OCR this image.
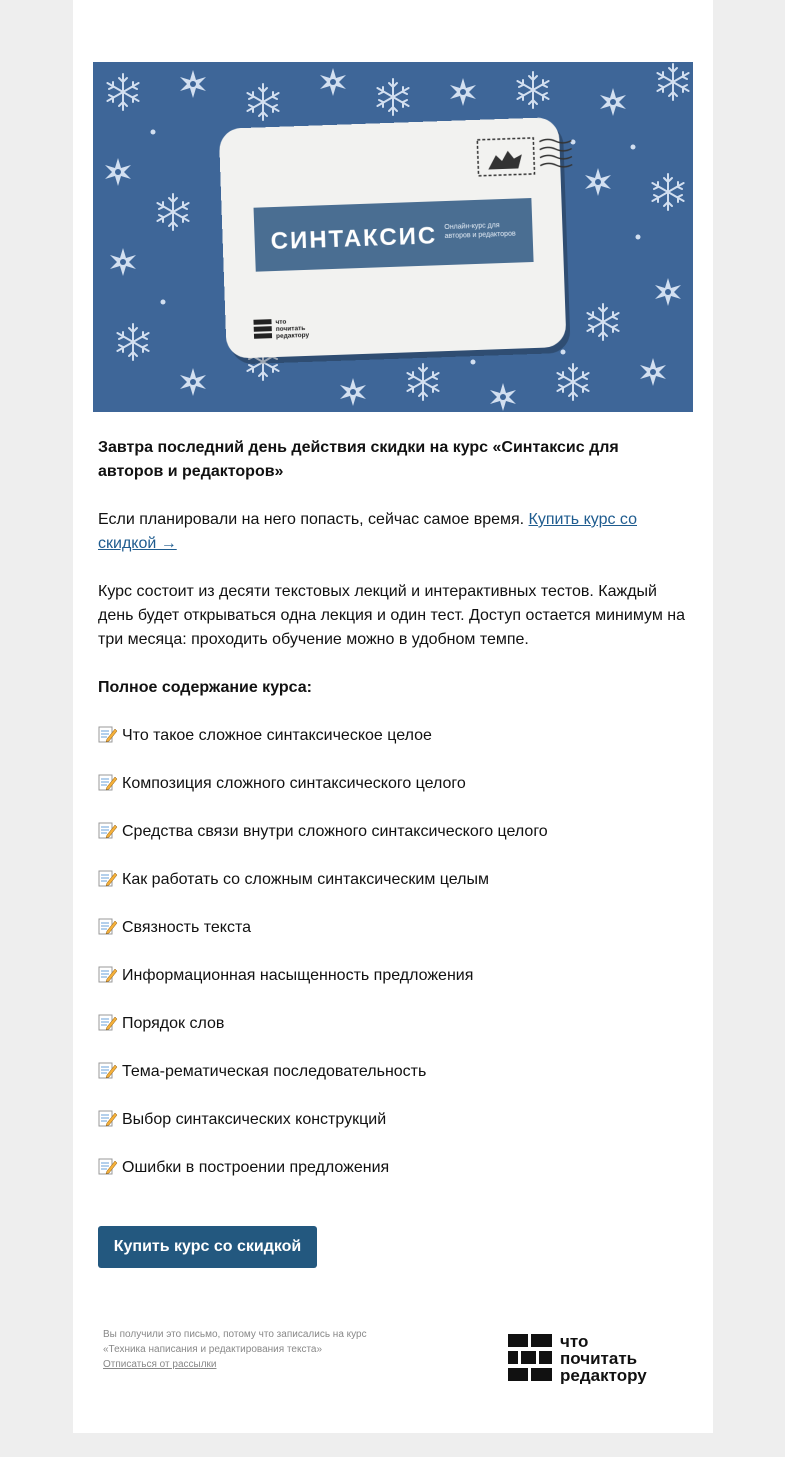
СИНТАКСИС Онлайн-курс для
авторов и редакторов
что
почитать
редактору
Завтра последний день действия скидки на курс «Синтаксис для авторов и редакторов»
Если планировали на него попасть, сейчас самое время. Купить курс со скидкой →
Курс состоит из десяти текстовых лекций и интерактивных тестов. Каждый день будет открываться одна лекция и один тест. Доступ остается минимум на три месяца: проходить обучение можно в удобном темпе.
Полное содержание курса:
Что такое сложное синтаксическое целое
Композиция сложного синтаксического целого
Средства связи внутри сложного синтаксического целого
Как работать со сложным синтаксическим целым
Связность текста
Информационная насыщенность предложения
Порядок слов
Тема-рематическая последовательность
Выбор синтаксических конструкций
Ошибки в построении предложения
Купить курс со скидкой
Вы получили это письмо, потому что записались на курс
«Техника написания и редактирования текста»
Отписаться от рассылки
что
почитать
редактору
